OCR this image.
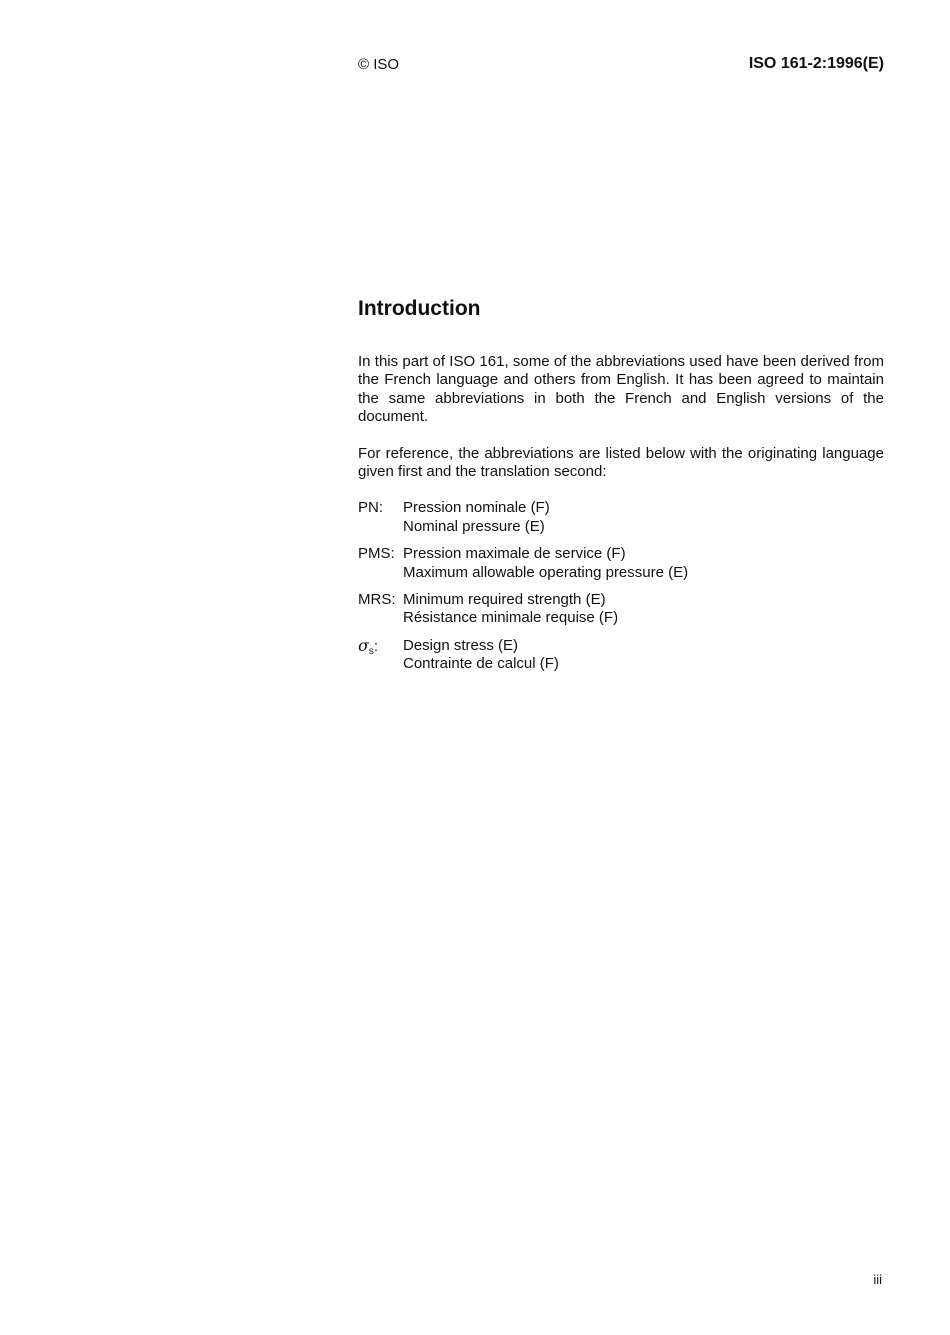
© ISO	ISO 161-2:1996(E)
Introduction

In this part of ISO 161, some of the abbreviations used have been derived from the French language and others from English. It has been agreed to maintain the same abbreviations in both the French and English versions of the document.

For reference, the abbreviations are listed below with the originating language given first and the translation second:

PN:	Pression nominale (F)
Nominal pressure (E)
PMS: Pression maximale de service (F)
Maximum allowable operating pressure (E)
MRS: Minimum required strength (E)
Résistance minimale requise (F)
$\sigma_s$:	Design stress (E)
Contrainte de calcul (F)
iii
